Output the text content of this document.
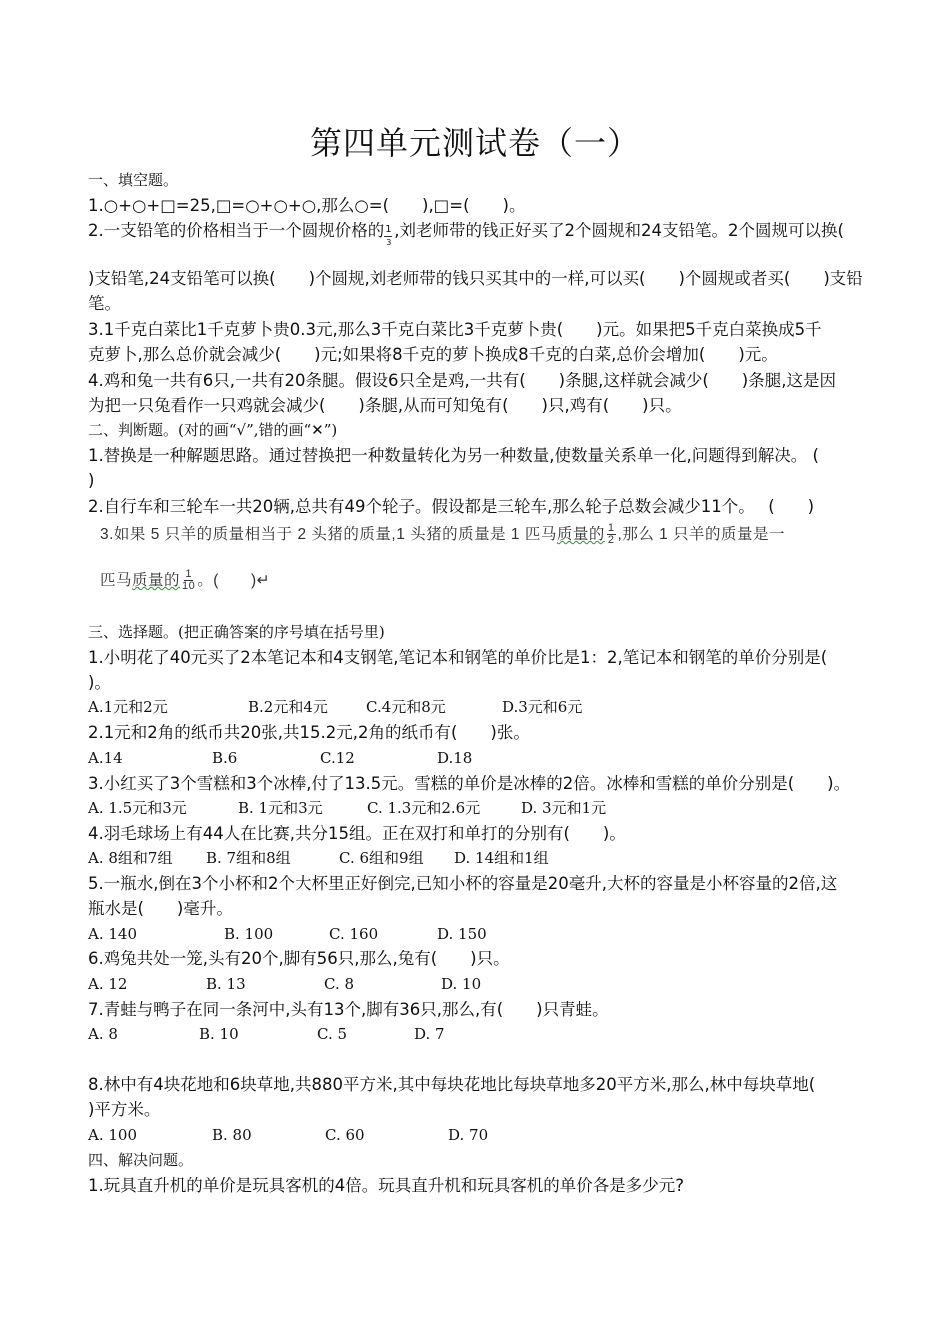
第四单元测试卷（一）
一、填空题。
1.○+○+□=25,□=○+○+○,那么○=(　　),□=(　　)。
2.一支铅笔的价格相当于一个圆规价格的 1
3
,刘老师带的钱正好买了2个圆规和24支铅笔。2个圆规可以换(
)支铅笔,24支铅笔可以换(　　)个圆规,刘老师带的钱只买其中的一样,可以买(　　)个圆规或者买(　　)支铅
笔。
3.1千克白菜比1千克萝卜贵0.3元,那么3千克白菜比3千克萝卜贵(　　)元。如果把5千克白菜换成5千
克萝卜,那么总价就会减少(　　)元;如果将8千克的萝卜换成8千克的白菜,总价会增加(　　)元。
4.鸡和兔一共有6只,一共有20条腿。假设6只全是鸡,一共有(　　)条腿,这样就会减少(　　)条腿,这是因
为把一只兔看作一只鸡就会减少(　　)条腿,从而可知兔有(　　)只,鸡有(　　)只。
二、判断题。(对的画“√”,错的画“✕”)
1.替换是一种解题思路。通过替换把一种数量转化为另一种数量,使数量关系单一化,问题得到解决。 (
)
2.自行车和三轮车一共20辆,总共有49个轮子。假设都是三轮车,那么轮子总数会减少11个。　 (　　)
3.如果 5 只羊的质量相当于 2 头猪的质量,1 头猪的质量是 1 匹马质量的 $\frac{1}{2}$ ,那么 1 只羊的质量是一
匹马质量的 $\frac{1}{10}$ 。(　　)↵
三、选择题。(把正确答案的序号填在括号里)
1.小明花了40元买了2本笔记本和4支钢笔,笔记本和钢笔的单价比是1：2,笔记本和钢笔的单价分别是(
)。
A.1元和2元	B.2元和4元	C.4元和8元	D.3元和6元
2.1元和2角的纸币共20张,共15.2元,2角的纸币有(　　)张。
A.14	B.6	C.12	D.18
3.小红买了3个雪糕和3个冰棒,付了13.5元。雪糕的单价是冰棒的2倍。冰棒和雪糕的单价分别是(　　)。
A. 1.5元和3元	B. 1元和3元	C. 1.3元和2.6元	D. 3元和1元
4.羽毛球场上有44人在比赛,共分15组。正在双打和单打的分别有(　　)。
A. 8组和7组 B. 7组和8组	C. 6组和9组 D. 14组和1组
5.一瓶水,倒在3个小杯和2个大杯里正好倒完,已知小杯的容量是20毫升,大杯的容量是小杯容量的2倍,这
瓶水是(　　)毫升。
A. 140	B. 100	C. 160	D. 150
6.鸡兔共处一笼,头有20个,脚有56只,那么,兔有(　　)只。
A. 12	B. 13	C. 8	D. 10
7.青蛙与鸭子在同一条河中,头有13个,脚有36只,那么,有(　　)只青蛙。
A. 8	B. 10	C. 5	D. 7
8.林中有4块花地和6块草地,共880平方米,其中每块花地比每块草地多20平方米,那么,林中每块草地(
)平方米。
A. 100	B. 80	C. 60	D. 70
四、解决问题。
1.玩具直升机的单价是玩具客机的4倍。玩具直升机和玩具客机的单价各是多少元?
